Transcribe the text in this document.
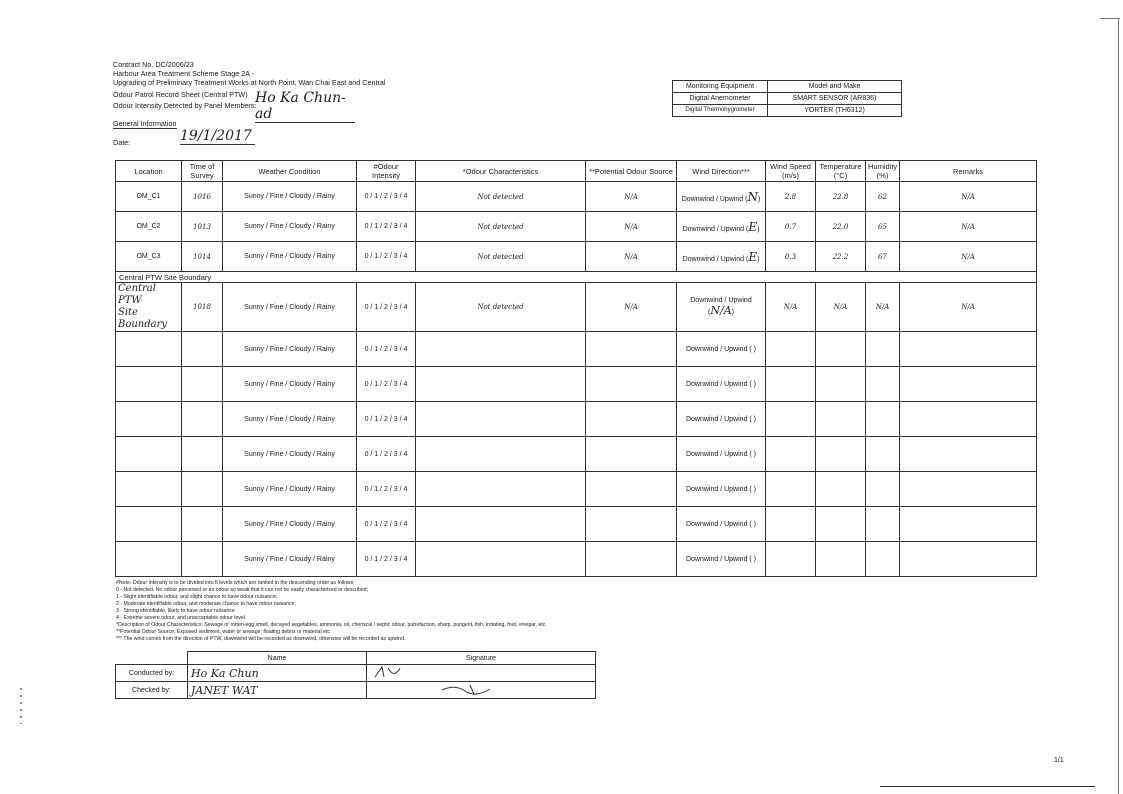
Contract No. DC/2006/23
Harbour Area Treatment Scheme Stage 2A -
Upgrading of Preliminary Treatment Works at North Point, Wan Chai East and Central
Odour Patrol Record Sheet (Central PTW)
Odour Intensity Detected by Panel Members:
Ho Ka Chun-ad
General Information
Date:	19/1/2017
Monitoring Equipment	Model and Make
Digital Anemometer	SMART SENSOR (AR836)
Digital Thermohygrometer	YORTER (TH6312)
Location	Time of Survey	Weather Condition	#Odour Intensity	*Odour Characteristics	**Potential Odour Source	Wind Direction***	Wind Speed (m/s)	Temperature (°C)	Humidity (%)	Remarks
OM_C1	1016	Sunny / Fine / Cloudy / Rainy	0 / 1 / 2 / 3 / 4	Not detected	N/A	Downwind / Upwind (N)	2.8	22.8	62	N/A
OM_C2	1013	Sunny / Fine / Cloudy / Rainy	0 / 1 / 2 / 3 / 4	Not detected	N/A	Downwind / Upwind (E)	0.7	22.0	65	N/A
OM_C3	1014	Sunny / Fine / Cloudy / Rainy	0 / 1 / 2 / 3 / 4	Not detected	N/A	Downwind / Upwind (E)	0.3	22.2	67	N/A
Central PTW Site Boundary										

Central PTW
Site Boundary	1018	Sunny / Fine / Cloudy / Rainy	0 / 1 / 2 / 3 / 4	Not detected	N/A	Downwind / Upwind (N/A)	N/A	N/A	N/A	N/A
		Sunny / Fine / Cloudy / Rainy	0 / 1 / 2 / 3 / 4			Downwind / Upwind ( )				
		Sunny / Fine / Cloudy / Rainy	0 / 1 / 2 / 3 / 4			Downwind / Upwind ( )				
		Sunny / Fine / Cloudy / Rainy	0 / 1 / 2 / 3 / 4			Downwind / Upwind ( )				
		Sunny / Fine / Cloudy / Rainy	0 / 1 / 2 / 3 / 4			Downwind / Upwind ( )				
		Sunny / Fine / Cloudy / Rainy	0 / 1 / 2 / 3 / 4			Downwind / Upwind ( )				
		Sunny / Fine / Cloudy / Rainy	0 / 1 / 2 / 3 / 4			Downwind / Upwind ( )				
		Sunny / Fine / Cloudy / Rainy	0 / 1 / 2 / 3 / 4			Downwind / Upwind ( )				
#Note: Odour intensity is to be divided into 5 levels which are ranked in the descending order as follows:
0 - Not detected. No odour perceived or an odour so weak that it can not be easily characterised or described;
1 - Slight identifiable odour, and slight chance to have odour nuisance;
2 - Moderate identifiable odour, and moderate chance to have odour nuisance;
3 - Strong identifiable, likely to have odour nuisance
4 - Extreme severe odour, and unacceptable odour level.
*Description of Odour Characteristics: Sewage or rotten-egg smell, decayed vegetables, ammonia, oil, chemical / septic odour, putrefaction, sharp, pungent, fish, irritating, fruit, vinegar, etc
**Potential Odour Source: Exposed sediment, water or sewage; floating debris or material etc
*** The wind comes from the direction of PTW, downwind will be recorded as downwind, otherwise will be recorded as upwind.
	Name	Signature
Conducted by:	Ho Ka Chun	
Checked by:	JANET WAT	
1/1
